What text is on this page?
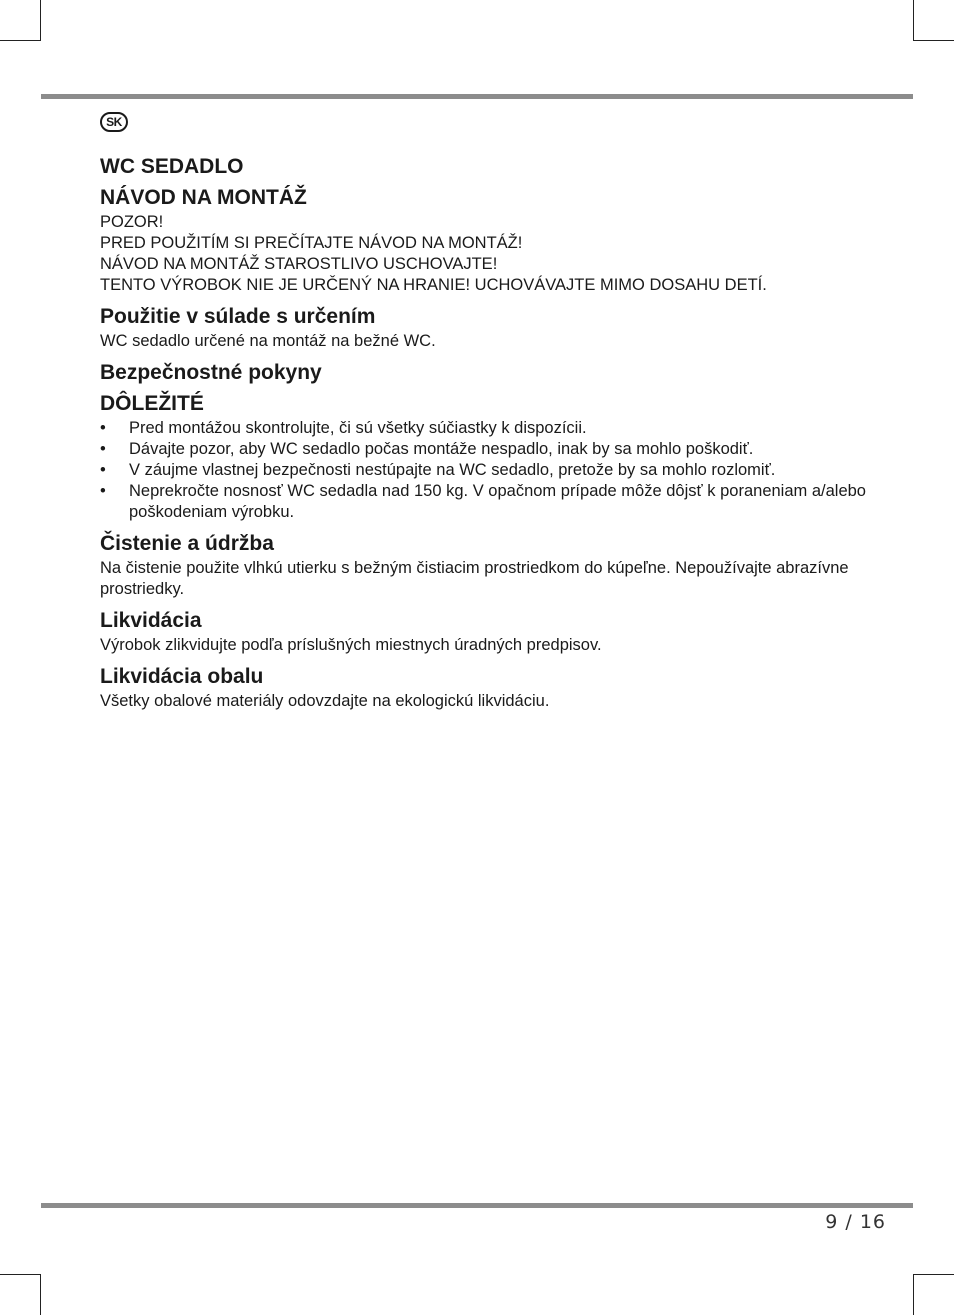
SK
WC SEDADLO
NÁVOD NA MONTÁŽ

POZOR!

PRED POUŽITÍM SI PREČÍTAJTE NÁVOD NA MONTÁŽ!

NÁVOD NA MONTÁŽ STAROSTLIVO USCHOVAJTE!

TENTO VÝROBOK NIE JE URČENÝ NA HRANIE! UCHOVÁVAJTE MIMO DOSAHU DETÍ.

Použitie v súlade s určením

WC sedadlo určené na montáž na bežné WC.

Bezpečnostné pokyny
DÔLEŽITÉ
• Pred montážou skontrolujte, či sú všetky súčiastky k dispozícii.
• Dávajte pozor, aby WC sedadlo počas montáže nespadlo, inak by sa mohlo poškodiť.
• V záujme vlastnej bezpečnosti nestúpajte na WC sedadlo, pretože by sa mohlo rozlomiť.
• Neprekročte nosnosť WC sedadla nad 150 kg. V opačnom prípade môže dôjsť k poraneniam a/alebo poškodeniam výrobku.
Čistenie a údržba

Na čistenie použite vlhkú utierku s bežným čistiacim prostriedkom do kúpeľne. Nepoužívajte abrazívne prostriedky.

Likvidácia

Výrobok zlikvidujte podľa príslušných miestnych úradných predpisov.

Likvidácia obalu

Všetky obalové materiály odovzdajte na ekologickú likvidáciu.

9 / 16
